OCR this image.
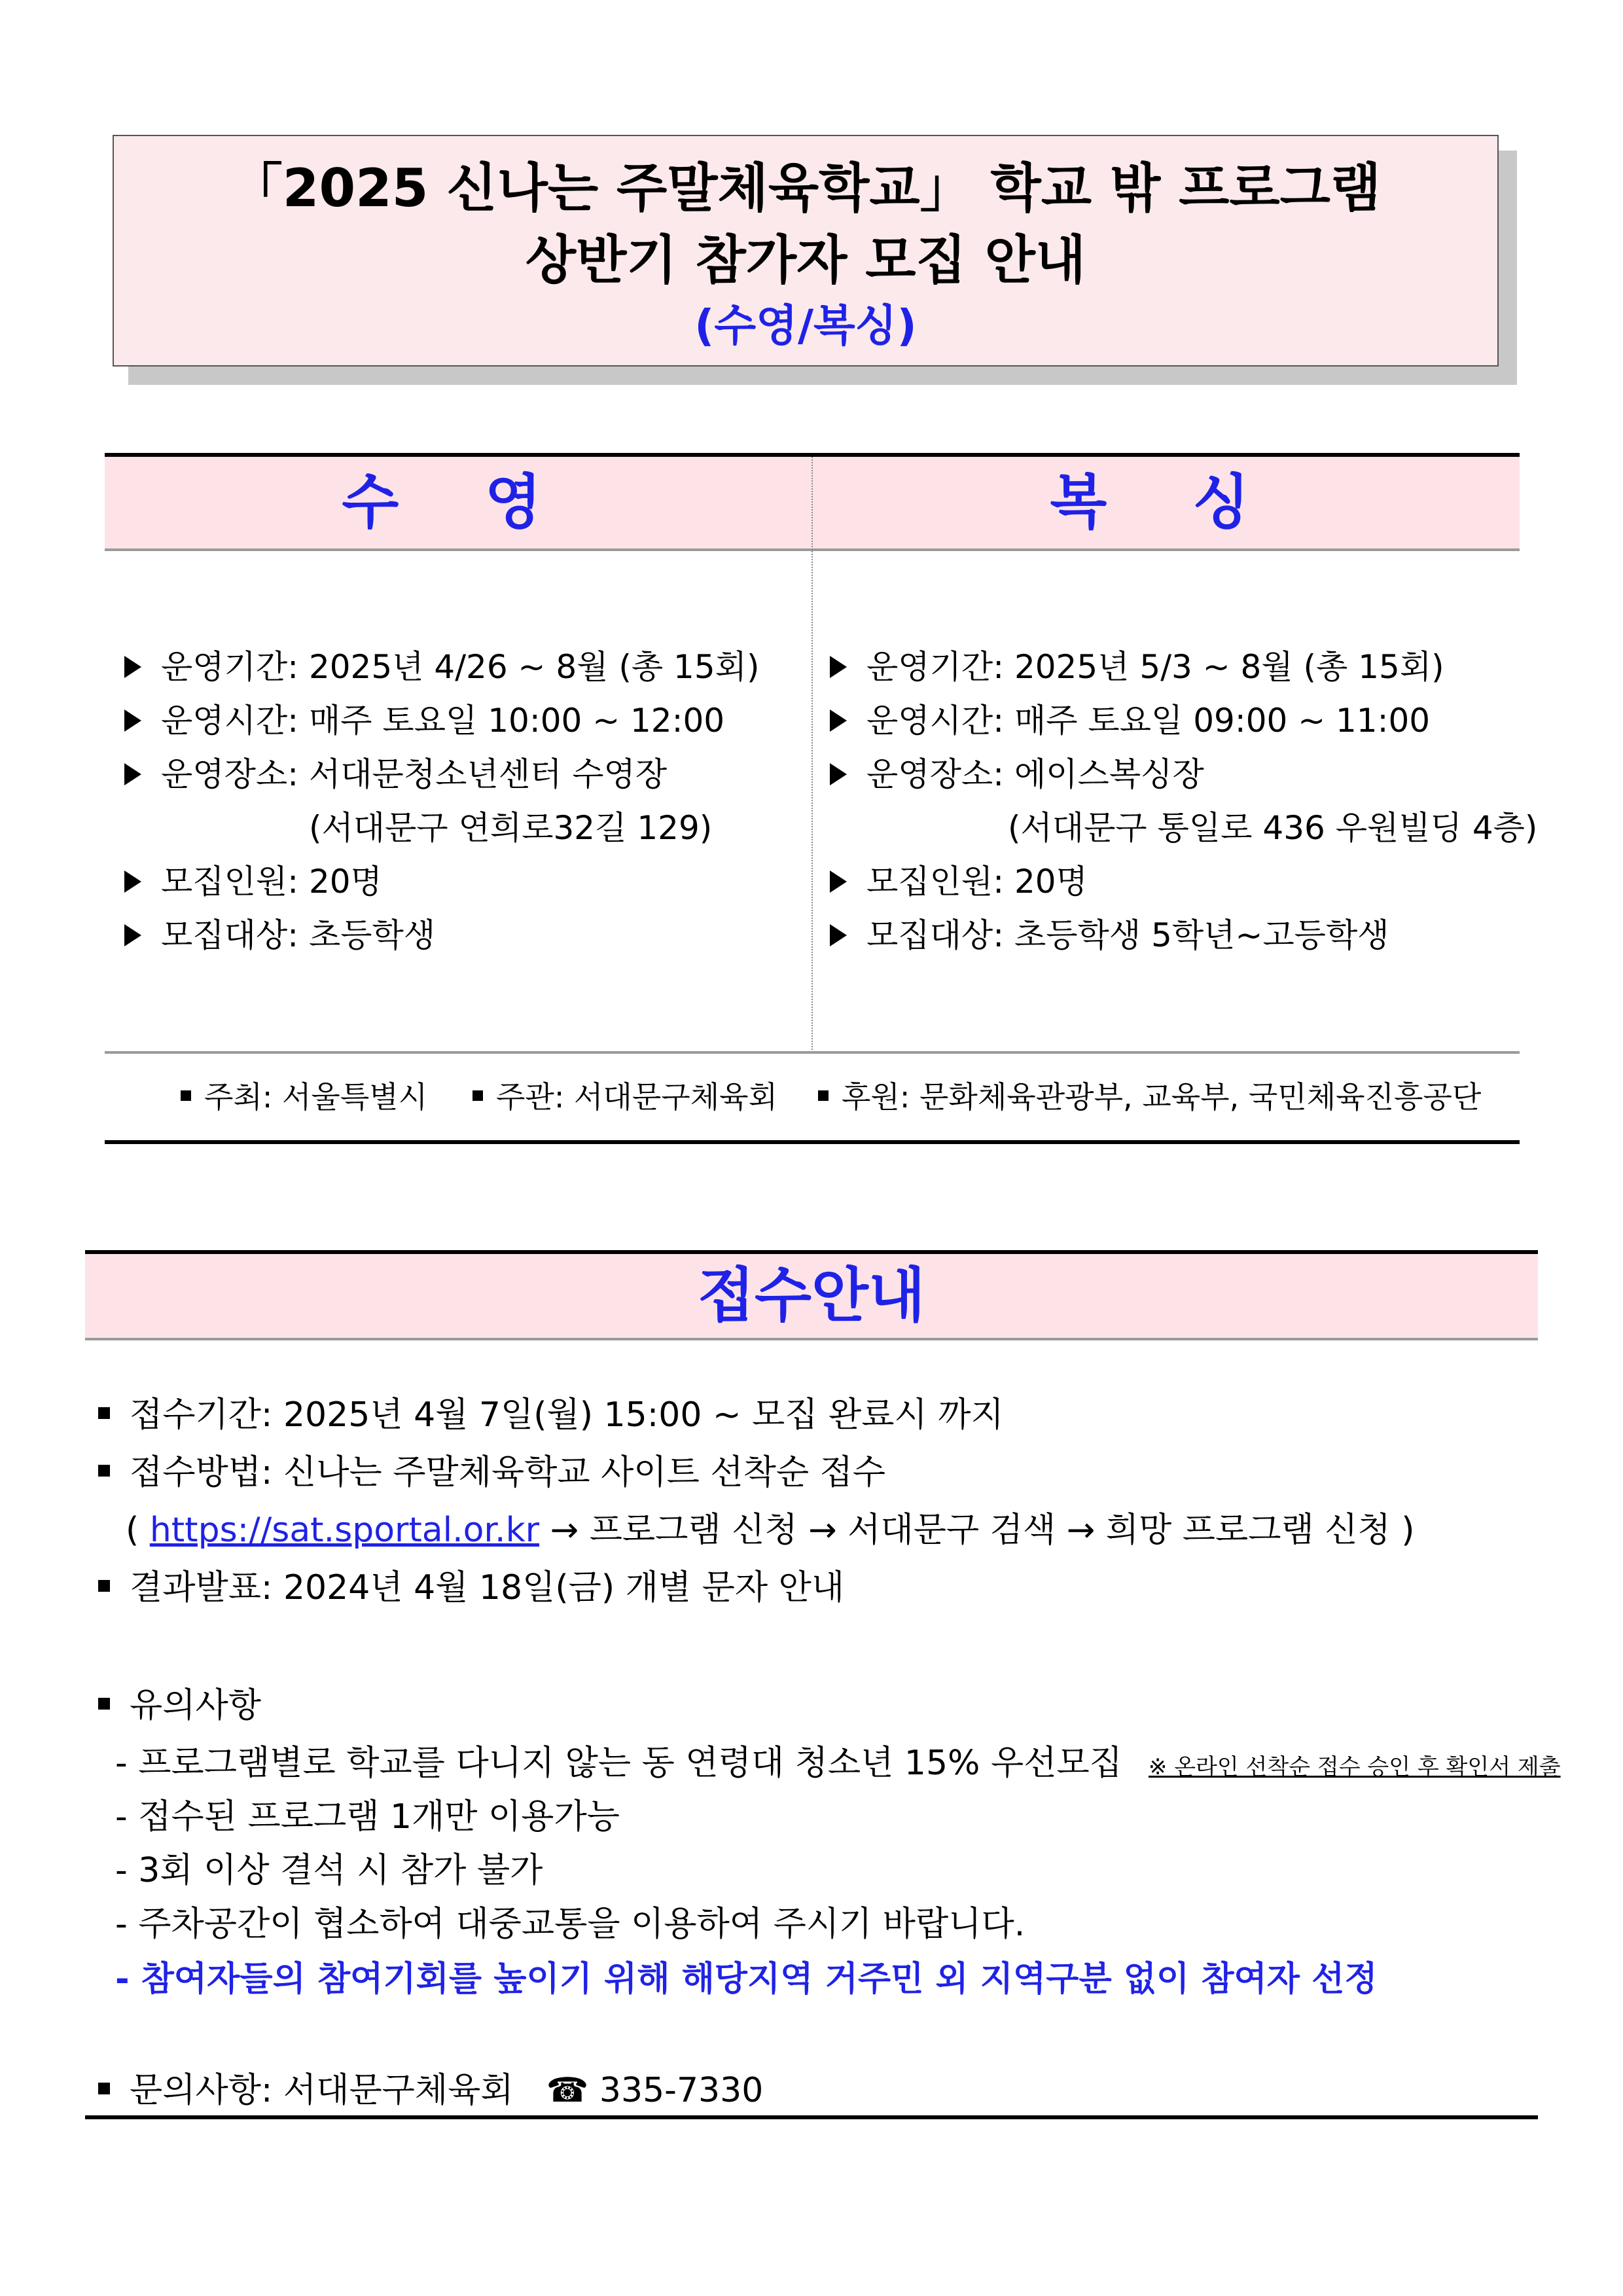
「2025 신나는 주말체육학교」 학교 밖 프로그램
상반기 참가자 모집 안내
(수영/복싱)
수 영	복 싱
운영기간: 2025년 4/26 ~ 8월 (총 15회)
운영시간: 매주 토요일 10:00 ~ 12:00
운영장소: 서대문청소년센터 수영장
(서대문구 연희로32길 129)
모집인원: 20명
모집대상: 초등학생
운영기간: 2025년 5/3 ~ 8월 (총 15회)
운영시간: 매주 토요일 09:00 ~ 11:00
운영장소: 에이스복싱장
(서대문구 통일로 436 우원빌딩 4층)
모집인원: 20명
모집대상: 초등학생 5학년~고등학생
주최: 서울특별시	주관: 서대문구체육회	후원: 문화체육관광부, 교육부, 국민체육진흥공단
접수안내
접수기간: 2025년 4월 7일(월) 15:00 ~ 모집 완료시 까지
접수방법: 신나는 주말체육학교 사이트 선착순 접수
( https://sat.sportal.or.kr → 프로그램 신청 → 서대문구 검색 → 희망 프로그램 신청 )
결과발표: 2024년 4월 18일(금) 개별 문자 안내
유의사항
- 프로그램별로 학교를 다니지 않는 동 연령대 청소년 15% 우선모집 ※ 온라인 선착순 접수 승인 후 확인서 제출
- 접수된 프로그램 1개만 이용가능
- 3회 이상 결석 시 참가 불가
- 주차공간이 협소하여 대중교통을 이용하여 주시기 바랍니다.
- 참여자들의 참여기회를 높이기 위해 해당지역 거주민 외 지역구분 없이 참여자 선정
문의사항: 서대문구체육회 ☎ 335-7330
